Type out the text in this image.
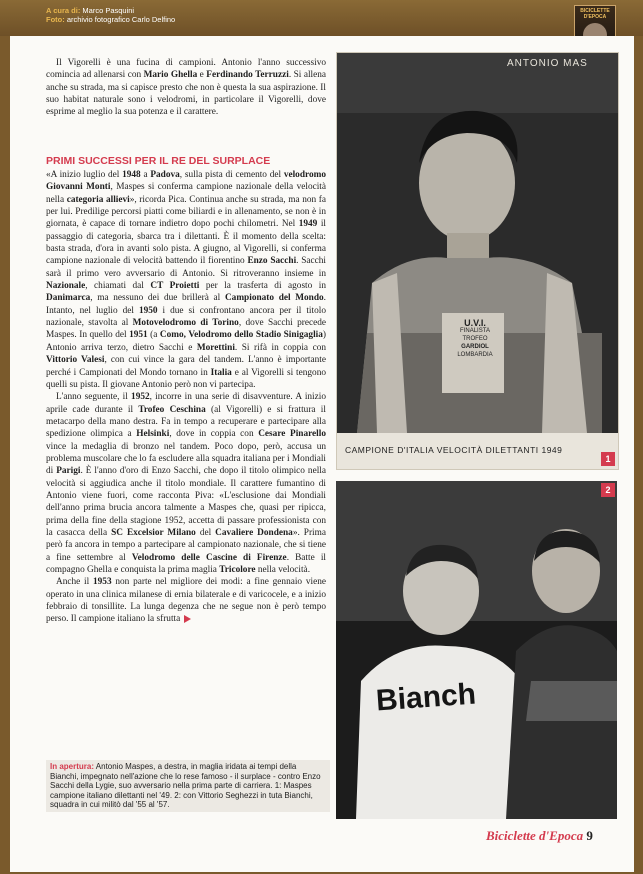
A cura di: Marco Pasquini
Foto: archivio fotografico Carlo Delfino
BICICLETTE D'EPOCA

Il Vigorelli è una fucina di campioni. Antonio l'anno successivo comincia ad allenarsi con Mario Ghella e Ferdinando Terruzzi. Si allena anche su strada, ma si capisce presto che non è questa la sua aspirazione. Il suo habitat naturale sono i velodromi, in particolare il Vigorelli, dove esprime al meglio la sua potenza e il carattere.

PRIMI SUCCESSI PER IL RE DEL SURPLACE

«A inizio luglio del 1948 a Padova, sulla pista di cemento del velodromo Giovanni Monti, Maspes si conferma campione nazionale della velocità nella categoria allievi», ricorda Pica. Continua anche su strada, ma non fa per lui. Predilige percorsi piatti come biliardi e in allenamento, se non è in giornata, è capace di tornare indietro dopo pochi chilometri. Nel 1949 il passaggio di categoria, sbarca tra i dilettanti. È il momento della scelta: basta strada, d'ora in avanti solo pista. A giugno, al Vigorelli, si conferma campione nazionale di velocità battendo il fiorentino Enzo Sacchi. Sacchi sarà il primo vero avversario di Antonio. Si ritroveranno insieme in Nazionale, chiamati dal CT Proietti per la trasferta di agosto in Danimarca, ma nessuno dei due brillerà al Campionato del Mondo. Intanto, nel luglio del 1950 i due si confrontano ancora per il titolo nazionale, stavolta al Motovelodromo di Torino, dove Sacchi precede Maspes. In quello del 1951 (a Como, Velodromo dello Stadio Sinigaglia) Antonio arriva terzo, dietro Sacchi e Morettini. Si rifà in coppia con Vittorio Valesi, con cui vince la gara del tandem. L'anno è importante perché i Campionati del Mondo tornano in Italia e al Vigorelli si tengono quelli su pista. Il giovane Antonio però non vi partecipa.

L'anno seguente, il 1952, incorre in una serie di disavventure. A inizio aprile cade durante il Trofeo Ceschina (al Vigorelli) e si frattura il metacarpo della mano destra. Fa in tempo a recuperare e partecipare alla spedizione olimpica a Helsinki, dove in coppia con Cesare Pinarello vince la medaglia di bronzo nel tandem. Poco dopo, però, accusa un problema muscolare che lo fa escludere alla squadra italiana per i Mondiali di Parigi. È l'anno d'oro di Enzo Sacchi, che dopo il titolo olimpico nella velocità si aggiudica anche il titolo mondiale. Il carattere fumantino di Antonio viene fuori, come racconta Piva: «L'esclusione dai Mondiali dell'anno prima brucia ancora talmente a Maspes che, quasi per ripicca, prima della fine della stagione 1952, accetta di passare professionista con la casacca della SC Excelsior Milano del Cavaliere Dondena». Prima però fa ancora in tempo a partecipare al campionato nazionale, che si tiene a fine settembre al Velodromo delle Cascine di Firenze. Batte il compagno Ghella e conquista la prima maglia Tricolore nella velocità.

Anche il 1953 non parte nel migliore dei modi: a fine gennaio viene operato in una clinica milanese di ernia bilaterale e di varicocele, e a inizio febbraio di tonsillite. La lunga degenza che ne segue non è però tempo perso. Il campione italiano la sfrutta

ANTONIO MAS
U.V.I.
FINALISTA
TROFEO
GARDIOL
LOMBARDIA
CAMPIONE D'ITALIA VELOCITÀ DILETTANTI 1949
1
Bianch
2
In apertura: Antonio Maspes, a destra, in maglia iridata ai tempi della Bianchi, impegnato nell'azione che lo rese famoso - il surplace - contro Enzo Sacchi della Lygie, suo avversario nella prima parte di carriera. 1: Maspes campione italiano dilettanti nel '49. 2: con Vittorio Seghezzi in tuta Bianchi, squadra in cui militò dal '55 al '57.
Biciclette d'Epoca 9
